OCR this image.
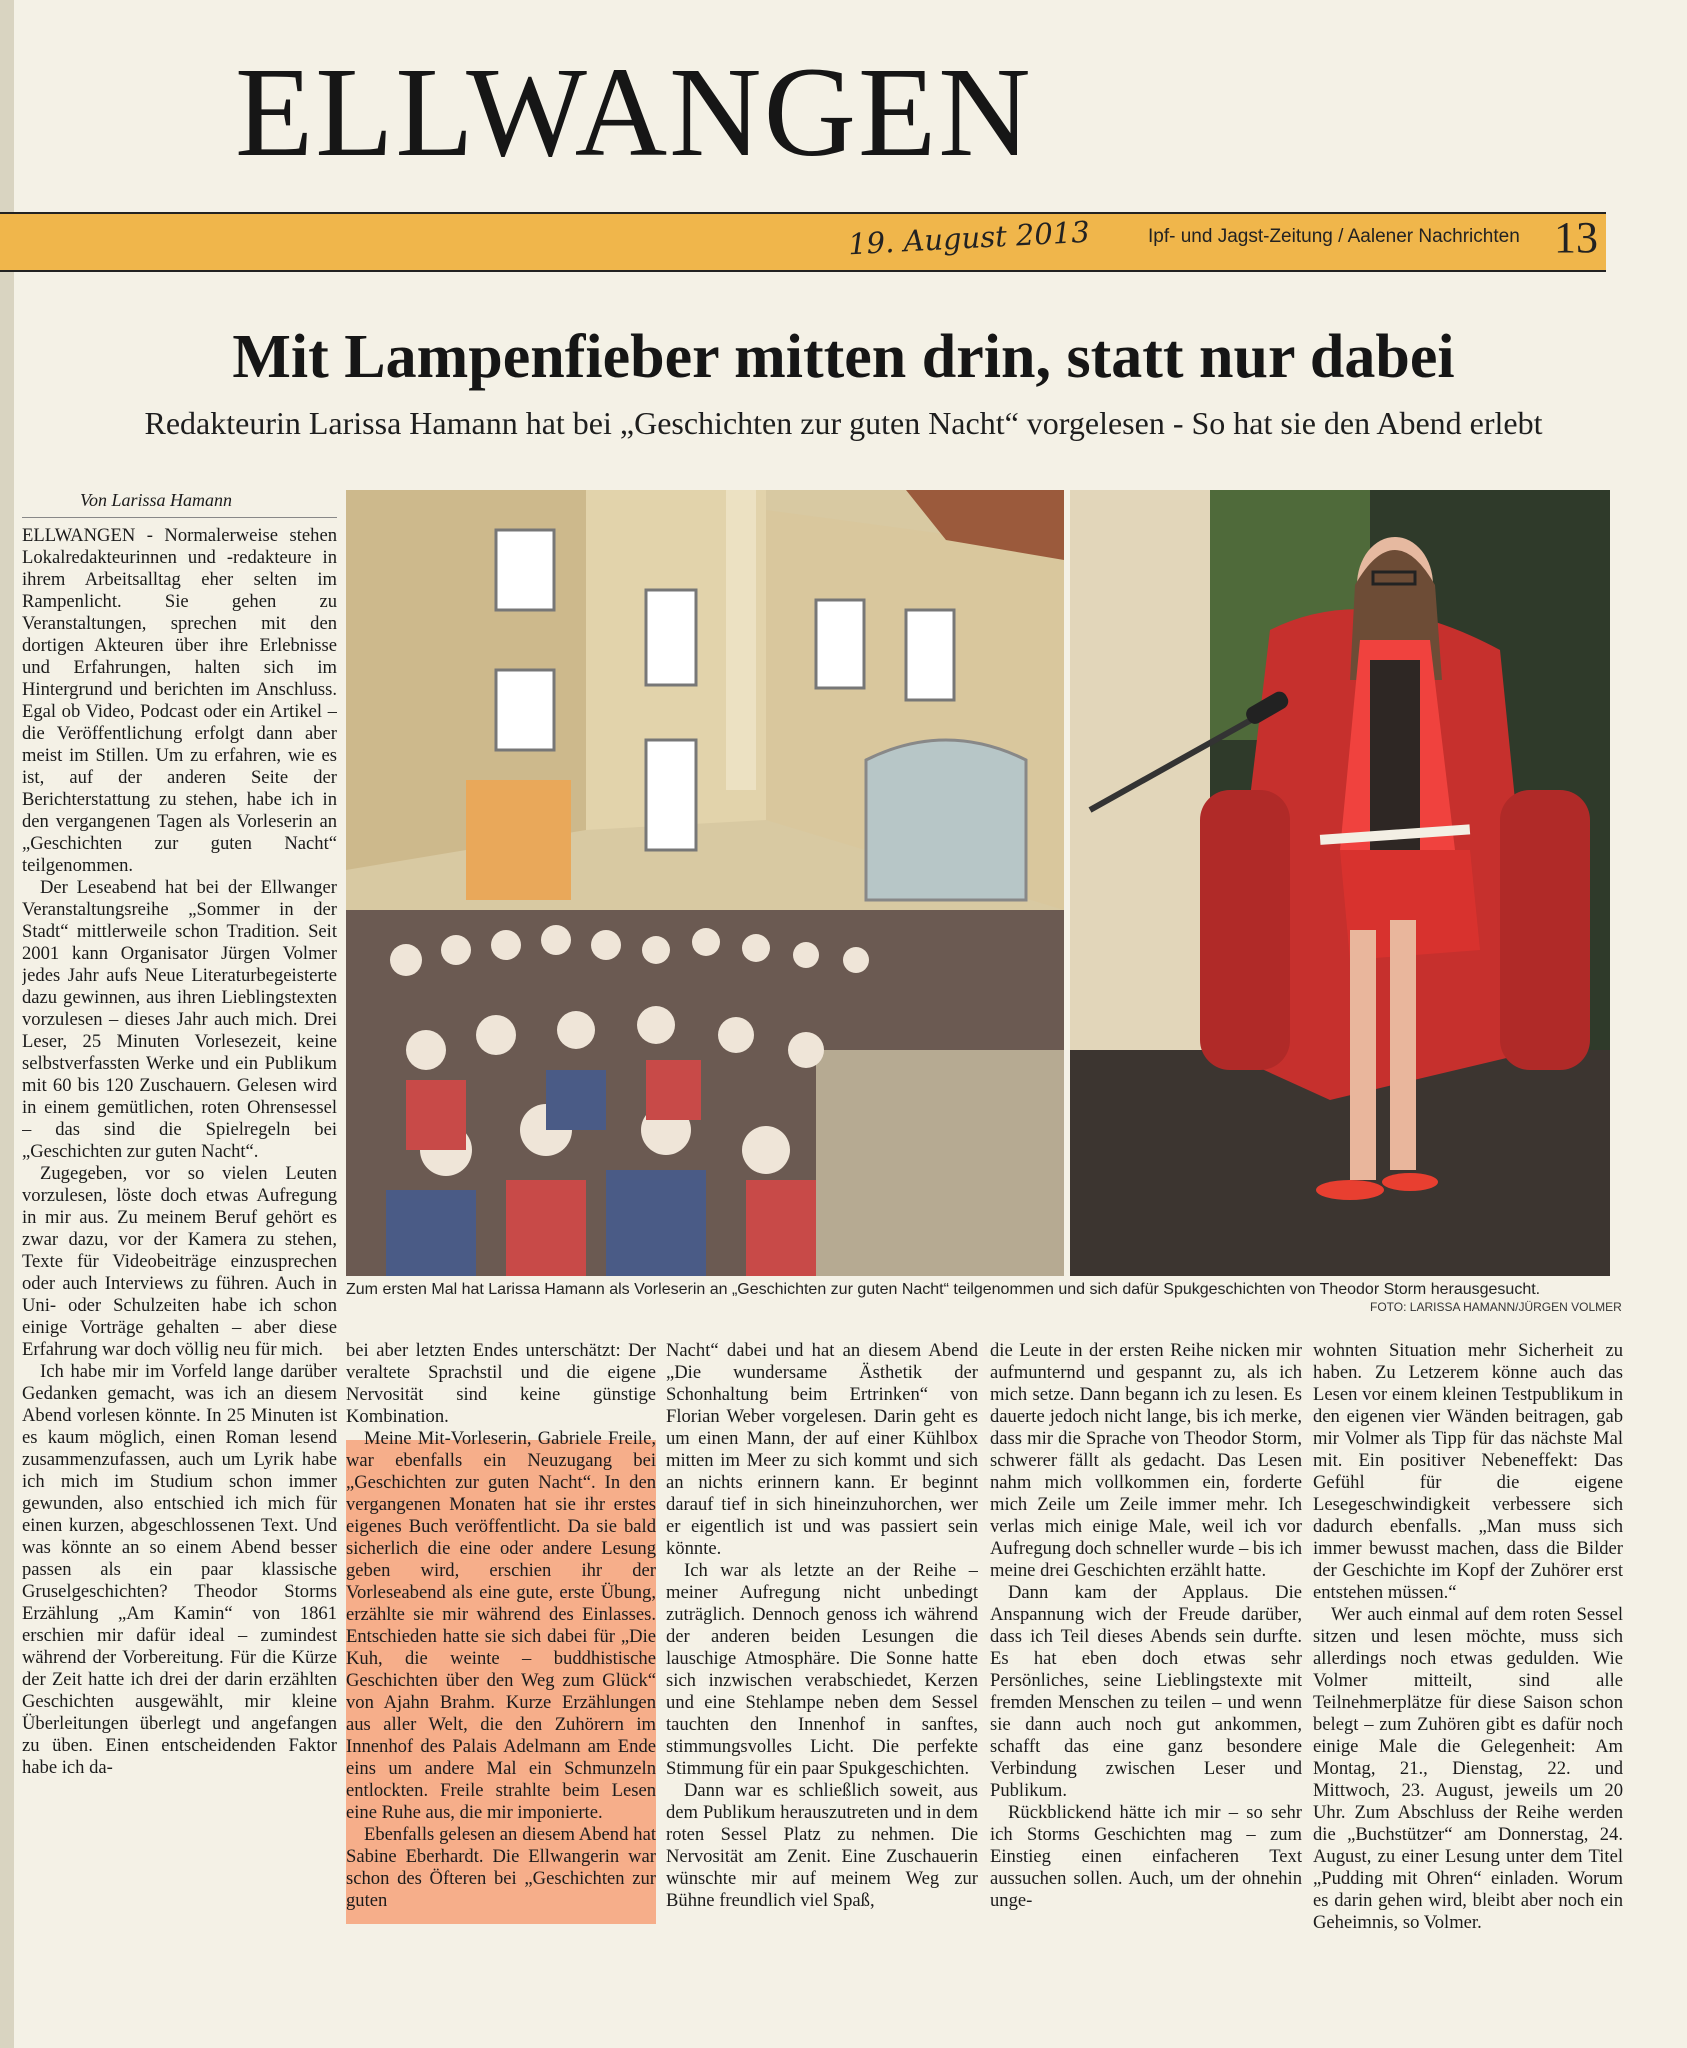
ELLWANGEN
19. August 2013	Ipf- und Jagst-Zeitung / Aalener Nachrichten 13
Mit Lampenfieber mitten drin, statt nur dabei
Redakteurin Larissa Hamann hat bei „Geschichten zur guten Nacht“ vorgelesen - So hat sie den Abend erlebt
Von Larissa Hamann
Zum ersten Mal hat Larissa Hamann als Vorleserin an „Geschichten zur guten Nacht“ teilgenommen und sich dafür Spukgeschichten von Theodor Storm herausgesucht.
FOTO: LARISSA HAMANN/JÜRGEN VOLMER

ELLWANGEN - Normalerweise stehen Lokalredakteurinnen und -redakteure in ihrem Arbeitsalltag eher selten im Rampenlicht. Sie gehen zu Veranstaltungen, sprechen mit den dortigen Akteuren über ihre Erlebnisse und Erfahrungen, halten sich im Hintergrund und berichten im Anschluss. Egal ob Video, Podcast oder ein Artikel – die Veröffentlichung erfolgt dann aber meist im Stillen. Um zu erfahren, wie es ist, auf der anderen Seite der Berichterstattung zu stehen, habe ich in den vergangenen Tagen als Vorleserin an „Geschichten zur guten Nacht“ teilgenommen.

Der Leseabend hat bei der Ellwanger Veranstaltungsreihe „Sommer in der Stadt“ mittlerweile schon Tradition. Seit 2001 kann Organisator Jürgen Volmer jedes Jahr aufs Neue Literaturbegeisterte dazu gewinnen, aus ihren Lieblingstexten vorzulesen – dieses Jahr auch mich. Drei Leser, 25 Minuten Vorlesezeit, keine selbstverfassten Werke und ein Publikum mit 60 bis 120 Zuschauern. Gelesen wird in einem gemütlichen, roten Ohrensessel – das sind die Spielregeln bei „Geschichten zur guten Nacht“.

Zugegeben, vor so vielen Leuten vorzulesen, löste doch etwas Aufregung in mir aus. Zu meinem Beruf gehört es zwar dazu, vor der Kamera zu stehen, Texte für Videobeiträge einzusprechen oder auch Interviews zu führen. Auch in Uni- oder Schulzeiten habe ich schon einige Vorträge gehalten – aber diese Erfahrung war doch völlig neu für mich.

Ich habe mir im Vorfeld lange darüber Gedanken gemacht, was ich an diesem Abend vorlesen könnte. In 25 Minuten ist es kaum möglich, einen Roman lesend zusammenzufassen, auch um Lyrik habe ich mich im Studium schon immer gewunden, also entschied ich mich für einen kurzen, abgeschlossenen Text. Und was könnte an so einem Abend besser passen als ein paar klassische Gruselgeschichten? Theodor Storms Erzählung „Am Kamin“ von 1861 erschien mir dafür ideal – zumindest während der Vorbereitung. Für die Kürze der Zeit hatte ich drei der darin erzählten Geschichten ausgewählt, mir kleine Überleitungen überlegt und angefangen zu üben. Einen entscheidenden Faktor habe ich da-

bei aber letzten Endes unterschätzt: Der veraltete Sprachstil und die eigene Nervosität sind keine günstige Kombination.

Meine Mit-Vorleserin, Gabriele Freile, war ebenfalls ein Neuzugang bei „Geschichten zur guten Nacht“. In den vergangenen Monaten hat sie ihr erstes eigenes Buch veröffentlicht. Da sie bald sicherlich die eine oder andere Lesung geben wird, erschien ihr der Vorleseabend als eine gute, erste Übung, erzählte sie mir während des Einlasses. Entschieden hatte sie sich dabei für „Die Kuh, die weinte – buddhistische Geschichten über den Weg zum Glück“ von Ajahn Brahm. Kurze Erzählungen aus aller Welt, die den Zuhörern im Innenhof des Palais Adelmann am Ende eins um andere Mal ein Schmunzeln entlockten. Freile strahlte beim Lesen eine Ruhe aus, die mir imponierte.

Ebenfalls gelesen an diesem Abend hat Sabine Eberhardt. Die Ellwangerin war schon des Öfteren bei „Geschichten zur guten

Nacht“ dabei und hat an diesem Abend „Die wundersame Ästhetik der Schonhaltung beim Ertrinken“ von Florian Weber vorgelesen. Darin geht es um einen Mann, der auf einer Kühlbox mitten im Meer zu sich kommt und sich an nichts erinnern kann. Er beginnt darauf tief in sich hineinzuhorchen, wer er eigentlich ist und was passiert sein könnte.

Ich war als letzte an der Reihe – meiner Aufregung nicht unbedingt zuträglich. Dennoch genoss ich während der anderen beiden Lesungen die lauschige Atmosphäre. Die Sonne hatte sich inzwischen verabschiedet, Kerzen und eine Stehlampe neben dem Sessel tauchten den Innenhof in sanftes, stimmungsvolles Licht. Die perfekte Stimmung für ein paar Spukgeschichten.

Dann war es schließlich soweit, aus dem Publikum herauszutreten und in dem roten Sessel Platz zu nehmen. Die Nervosität am Zenit. Eine Zuschauerin wünschte mir auf meinem Weg zur Bühne freundlich viel Spaß,

die Leute in der ersten Reihe nicken mir aufmunternd und gespannt zu, als ich mich setze. Dann begann ich zu lesen. Es dauerte jedoch nicht lange, bis ich merke, dass mir die Sprache von Theodor Storm, schwerer fällt als gedacht. Das Lesen nahm mich vollkommen ein, forderte mich Zeile um Zeile immer mehr. Ich verlas mich einige Male, weil ich vor Aufregung doch schneller wurde – bis ich meine drei Geschichten erzählt hatte.

Dann kam der Applaus. Die Anspannung wich der Freude darüber, dass ich Teil dieses Abends sein durfte. Es hat eben doch etwas sehr Persönliches, seine Lieblingstexte mit fremden Menschen zu teilen – und wenn sie dann auch noch gut ankommen, schafft das eine ganz besondere Verbindung zwischen Leser und Publikum.

Rückblickend hätte ich mir – so sehr ich Storms Geschichten mag – zum Einstieg einen einfacheren Text aussuchen sollen. Auch, um der ohnehin unge-

wohnten Situation mehr Sicherheit zu haben. Zu Letzerem könne auch das Lesen vor einem kleinen Testpublikum in den eigenen vier Wänden beitragen, gab mir Volmer als Tipp für das nächste Mal mit. Ein positiver Nebeneffekt: Das Gefühl für die eigene Lesegeschwindigkeit verbessere sich dadurch ebenfalls. „Man muss sich immer bewusst machen, dass die Bilder der Geschichte im Kopf der Zuhörer erst entstehen müssen.“

Wer auch einmal auf dem roten Sessel sitzen und lesen möchte, muss sich allerdings noch etwas gedulden. Wie Volmer mitteilt, sind alle Teilnehmerplätze für diese Saison schon belegt – zum Zuhören gibt es dafür noch einige Male die Gelegenheit: Am Montag, 21., Dienstag, 22. und Mittwoch, 23. August, jeweils um 20 Uhr. Zum Abschluss der Reihe werden die „Buchstützer“ am Donnerstag, 24. August, zu einer Lesung unter dem Titel „Pudding mit Ohren“ einladen. Worum es darin gehen wird, bleibt aber noch ein Geheimnis, so Volmer.
